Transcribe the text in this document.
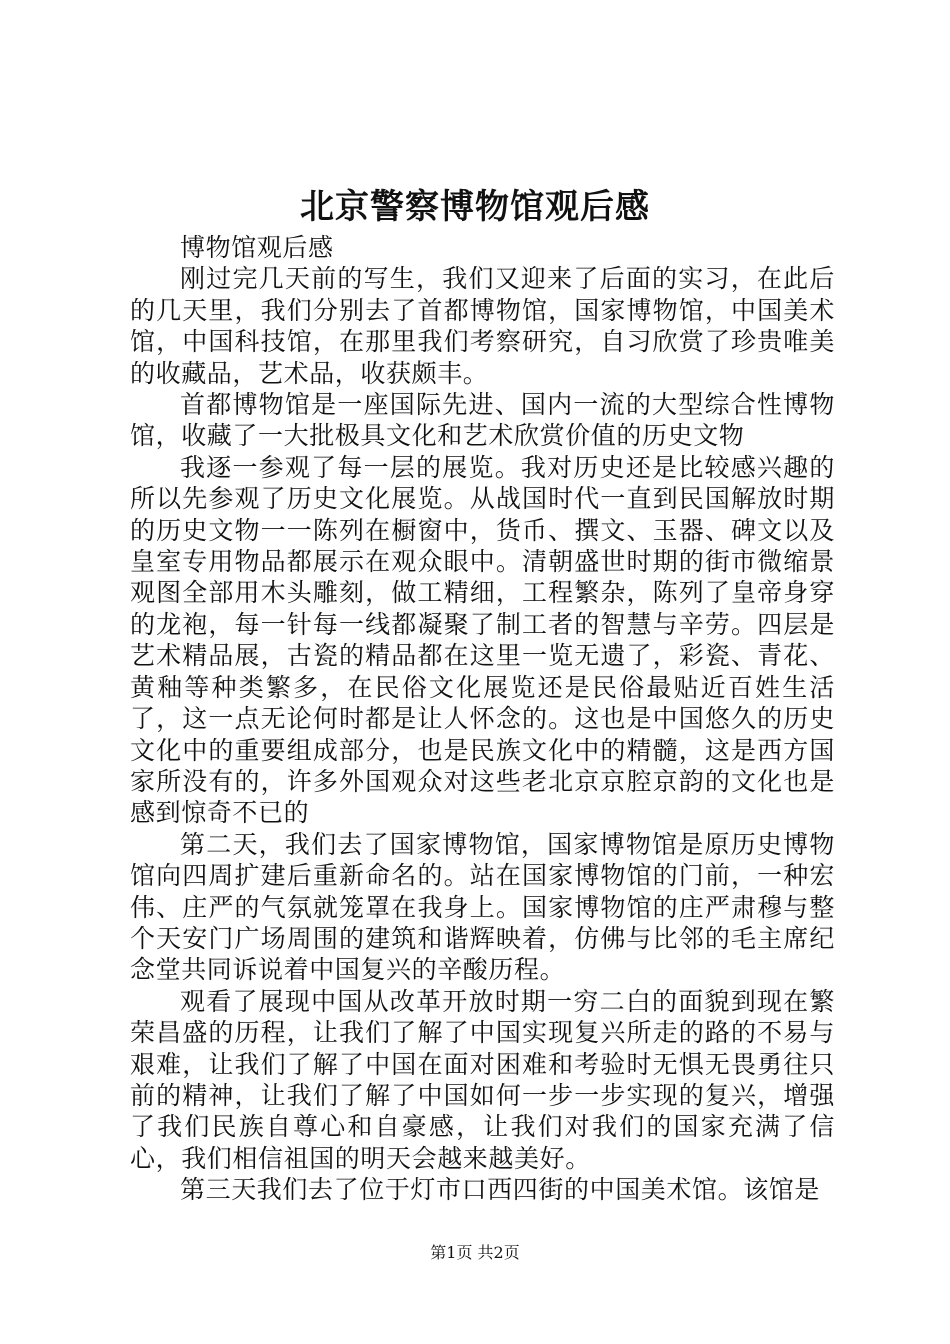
北京警察博物馆观后感

博物馆观后感

刚过完几天前的写生，我们又迎来了后面的实习，在此后的几天里，我们分别去了首都博物馆，国家博物馆，中国美术馆，中国科技馆，在那里我们考察研究，自习欣赏了珍贵唯美的收藏品，艺术品，收获颇丰。

首都博物馆是一座国际先进、国内一流的大型综合性博物馆，收藏了一大批极具文化和艺术欣赏价值的历史文物

我逐一参观了每一层的展览。我对历史还是比较感兴趣的所以先参观了历史文化展览。从战国时代一直到民国解放时期的历史文物一一陈列在橱窗中，货币、撰文、玉器、碑文以及皇室专用物品都展示在观众眼中。清朝盛世时期的街市微缩景观图全部用木头雕刻，做工精细，工程繁杂，陈列了皇帝身穿的龙袍，每一针每一线都凝聚了制工者的智慧与辛劳。四层是艺术精品展，古瓷的精品都在这里一览无遗了，彩瓷、青花、黄釉等种类繁多，在民俗文化展览还是民俗最贴近百姓生活了，这一点无论何时都是让人怀念的。这也是中国悠久的历史文化中的重要组成部分，也是民族文化中的精髓，这是西方国家所没有的，许多外国观众对这些老北京京腔京韵的文化也是感到惊奇不已的

第二天，我们去了国家博物馆，国家博物馆是原历史博物馆向四周扩建后重新命名的。站在国家博物馆的门前，一种宏伟、庄严的气氛就笼罩在我身上。国家博物馆的庄严肃穆与整个天安门广场周围的建筑和谐辉映着，仿佛与比邻的毛主席纪念堂共同诉说着中国复兴的辛酸历程。

观看了展现中国从改革开放时期一穷二白的面貌到现在繁荣昌盛的历程，让我们了解了中国实现复兴所走的路的不易与艰难，让我们了解了中国在面对困难和考验时无惧无畏勇往只前的精神，让我们了解了中国如何一步一步实现的复兴，增强了我们民族自尊心和自豪感，让我们对我们的国家充满了信心，我们相信祖国的明天会越来越美好。

第三天我们去了位于灯市口西四街的中国美术馆。该馆是

第1页 共2页
